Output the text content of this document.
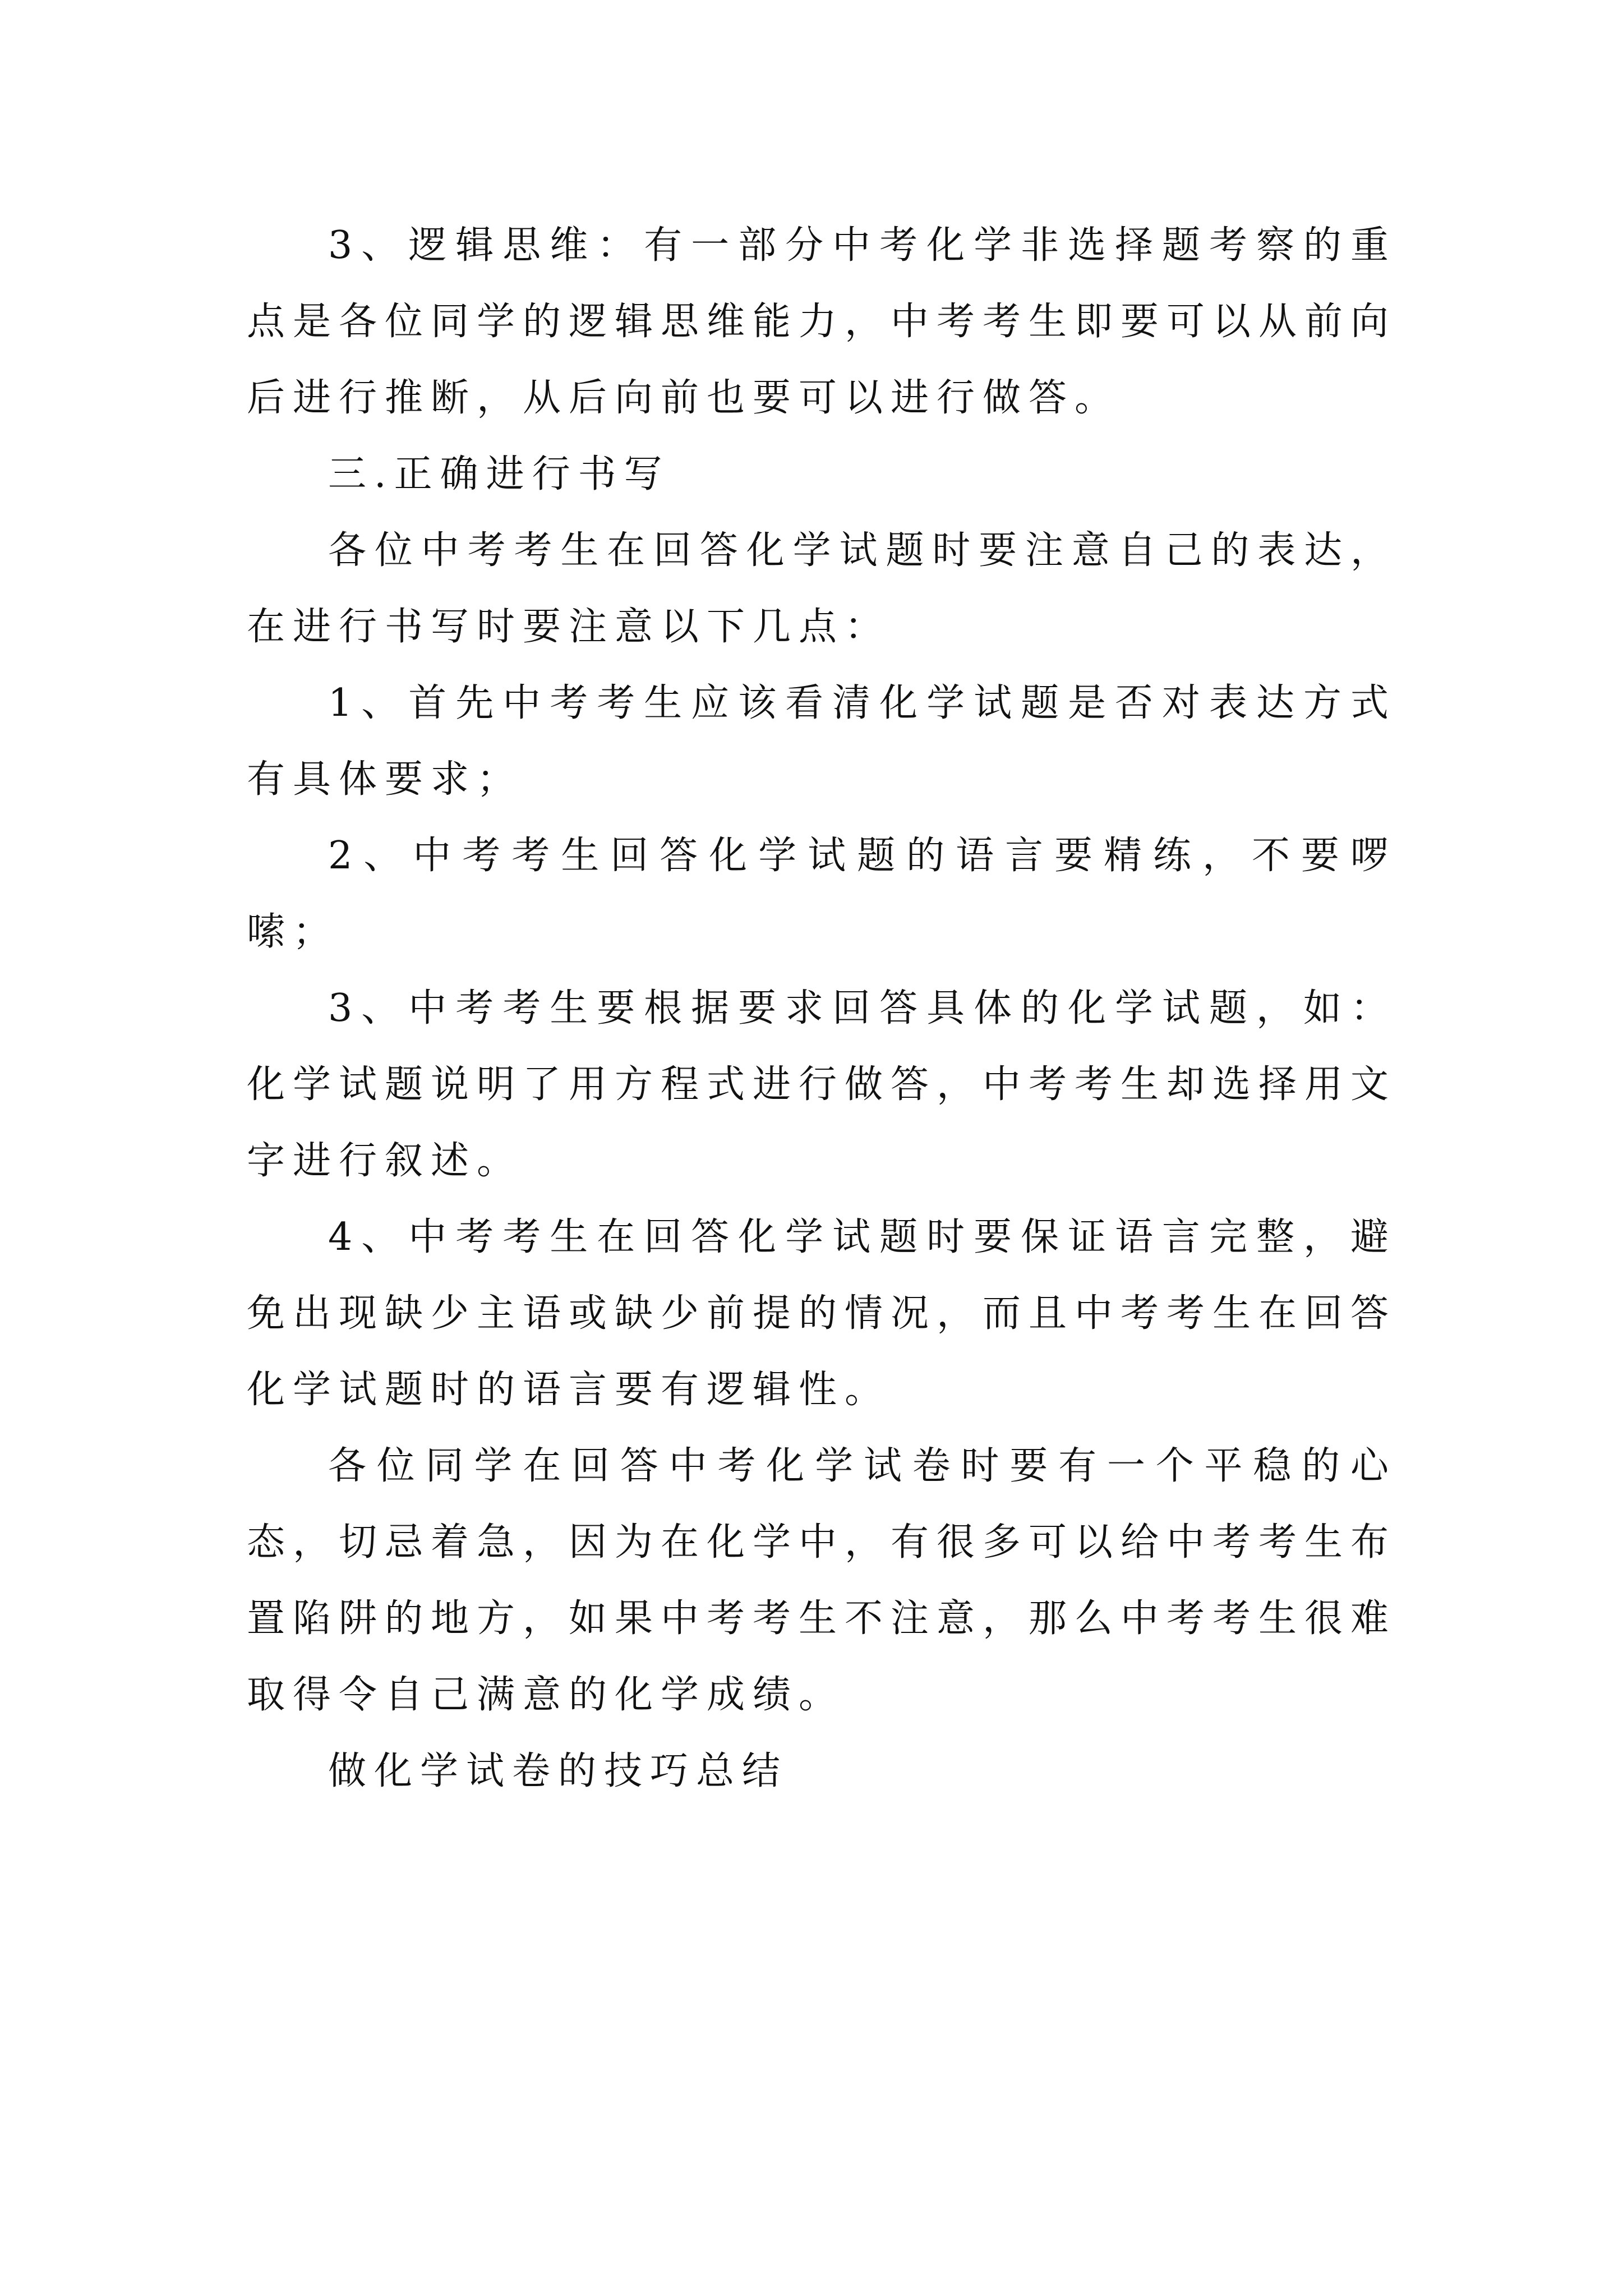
3、逻辑思维：有一部分中考化学非选择题考察的重点是各位同学的逻辑思维能力，中考考生即要可以从前向后进行推断，从后向前也要可以进行做答。

三.正确进行书写

各位中考考生在回答化学试题时要注意自己的表达，在进行书写时要注意以下几点：

1、首先中考考生应该看清化学试题是否对表达方式有具体要求；

2、中考考生回答化学试题的语言要精练，不要啰嗦；

3、中考考生要根据要求回答具体的化学试题，如：化学试题说明了用方程式进行做答，中考考生却选择用文字进行叙述。

4、中考考生在回答化学试题时要保证语言完整，避免出现缺少主语或缺少前提的情况，而且中考考生在回答化学试题时的语言要有逻辑性。

各位同学在回答中考化学试卷时要有一个平稳的心态，切忌着急，因为在化学中，有很多可以给中考考生布置陷阱的地方，如果中考考生不注意，那么中考考生很难取得令自己满意的化学成绩。

做化学试卷的技巧总结
